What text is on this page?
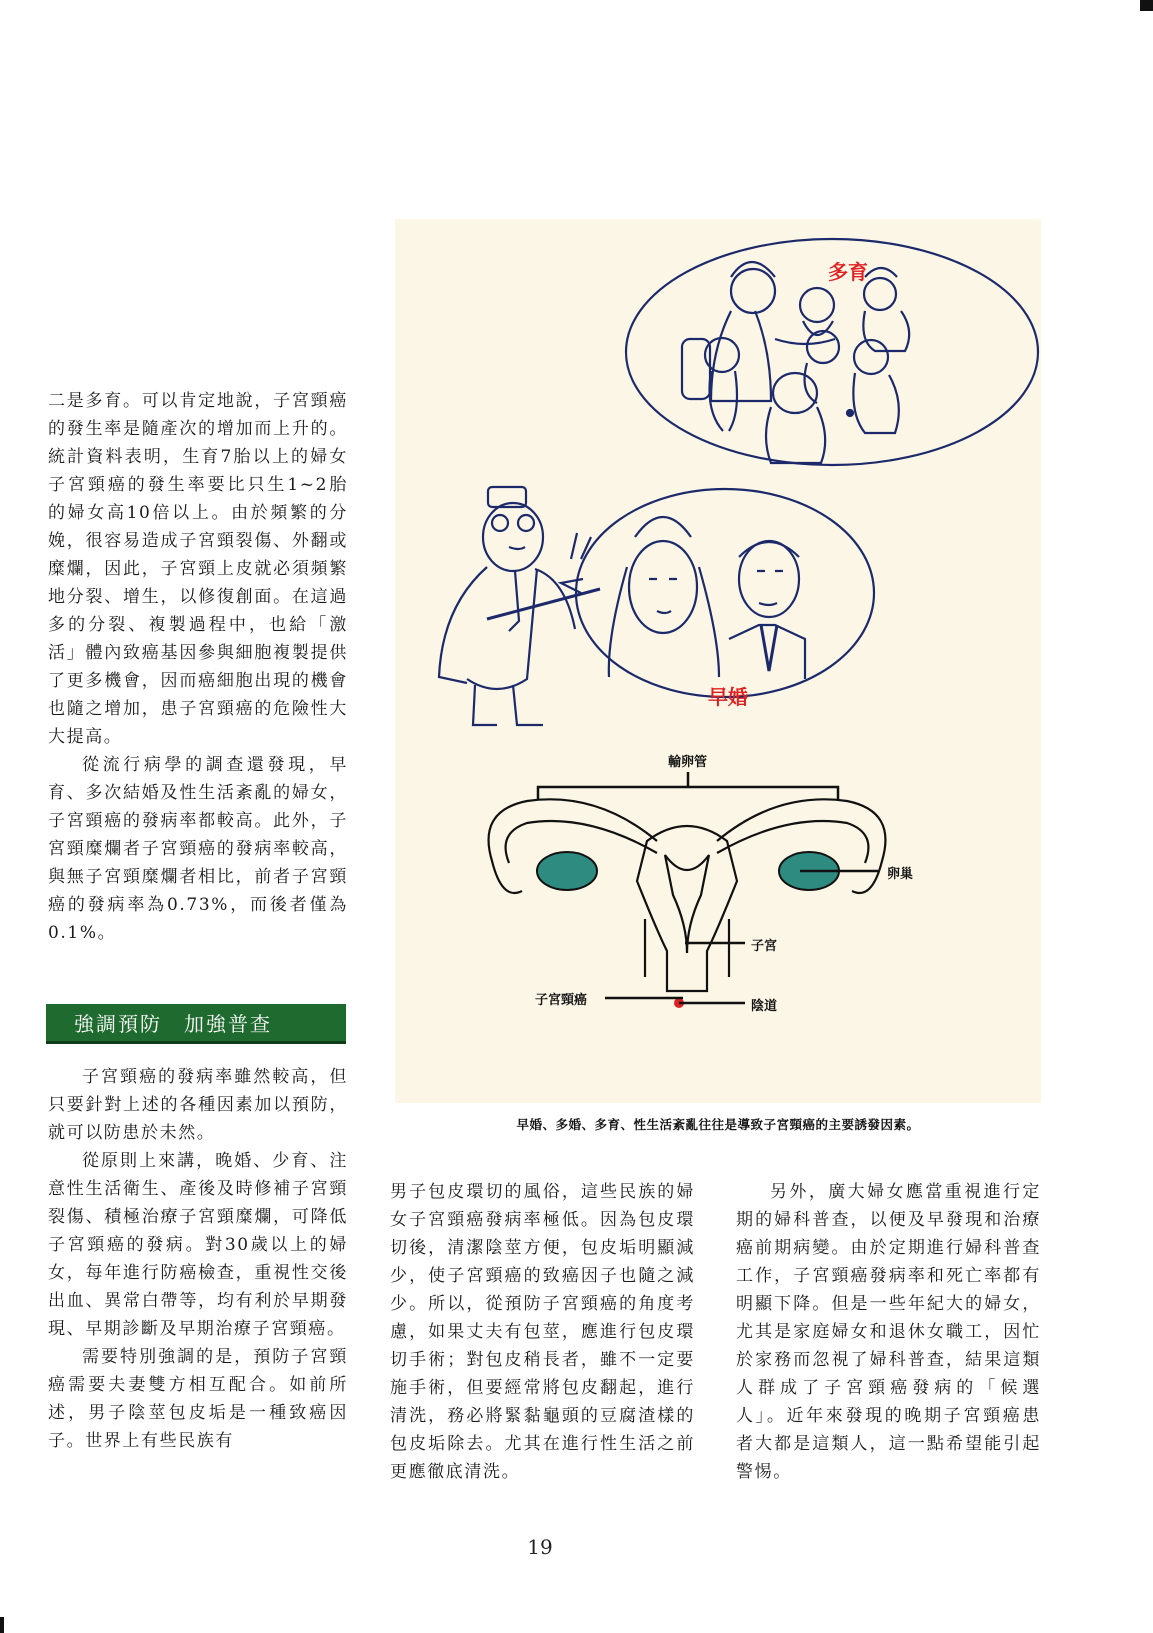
二是多育。可以肯定地說，子宮頸癌的發生率是隨產次的增加而上升的。統計資料表明，生育7胎以上的婦女子宮頸癌的發生率要比只生1~2胎的婦女高10倍以上。由於頻繁的分娩，很容易造成子宮頸裂傷、外翻或糜爛，因此，子宮頸上皮就必須頻繁地分裂、增生，以修復創面。在這過多的分裂、複製過程中，也給「激活」體內致癌基因參與細胞複製提供了更多機會，因而癌細胞出現的機會也隨之增加，患子宮頸癌的危險性大大提高。

從流行病學的調查還發現，早育、多次結婚及性生活紊亂的婦女，子宮頸癌的發病率都較高。此外，子宮頸糜爛者子宮頸癌的發病率較高，與無子宮頸糜爛者相比，前者子宮頸癌的發病率為0.73%，而後者僅為0.1%。

強調預防　加強普查

子宮頸癌的發病率雖然較高，但只要針對上述的各種因素加以預防，就可以防患於未然。

從原則上來講，晚婚、少育、注意性生活衛生、產後及時修補子宮頸裂傷、積極治療子宮頸糜爛，可降低子宮頸癌的發病。對30歲以上的婦女，每年進行防癌檢查，重視性交後出血、異常白帶等，均有利於早期發現、早期診斷及早期治療子宮頸癌。

需要特別強調的是，預防子宮頸癌需要夫妻雙方相互配合。如前所述，男子陰莖包皮垢是一種致癌因子。世界上有些民族有

多育
早婚
輸卵管
卵巢
子宮
子宮頸癌	陰道
早婚、多婚、多育、性生活紊亂往往是導致子宮頸癌的主要誘發因素。

男子包皮環切的風俗，這些民族的婦女子宮頸癌發病率極低。因為包皮環切後，清潔陰莖方便，包皮垢明顯減少，使子宮頸癌的致癌因子也隨之減少。所以，從預防子宮頸癌的角度考慮，如果丈夫有包莖，應進行包皮環切手術；對包皮稍長者，雖不一定要施手術，但要經常將包皮翻起，進行清洗，務必將緊黏龜頭的豆腐渣樣的包皮垢除去。尤其在進行性生活之前更應徹底清洗。

另外，廣大婦女應當重視進行定期的婦科普查，以便及早發現和治療癌前期病變。由於定期進行婦科普查工作，子宮頸癌發病率和死亡率都有明顯下降。但是一些年紀大的婦女，尤其是家庭婦女和退休女職工，因忙於家務而忽視了婦科普查，結果這類人群成了子宮頸癌發病的「候選人」。近年來發現的晚期子宮頸癌患者大都是這類人，這一點希望能引起警惕。

19
